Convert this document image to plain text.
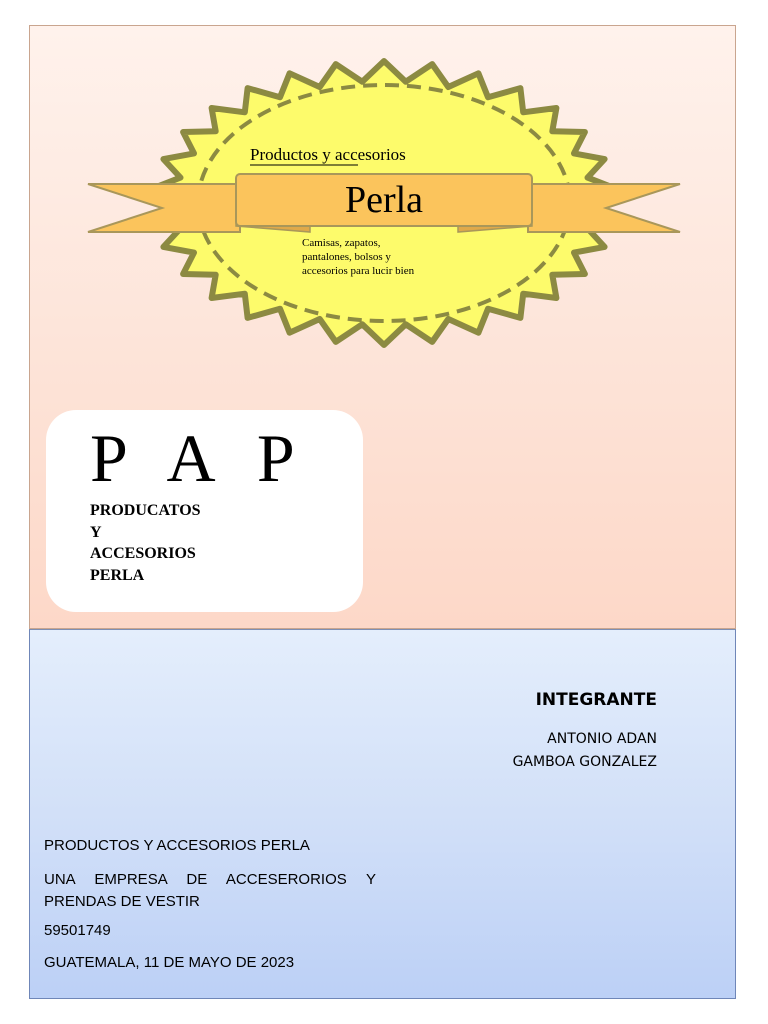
Productos y accesorios
Perla
Camisas, zapatos,
pantalones, bolsos y
accesorios para lucir bien
P A P
PRODUCATOS
Y
ACCESORIOS
PERLA
INTEGRANTE
ANTONIO ADAN
GAMBOA GONZALEZ
PRODUCTOS Y ACCESORIOS PERLA
UNA EMPRESA DE ACCESERORIOS Y
PRENDAS DE VESTIR
59501749
GUATEMALA, 11 DE MAYO DE 2023
